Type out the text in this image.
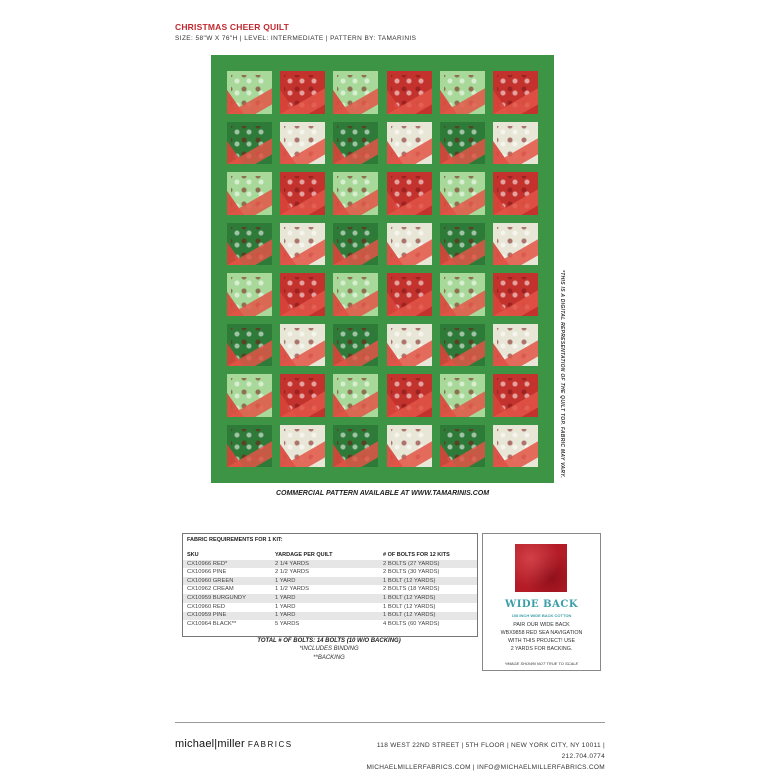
CHRISTMAS CHEER QUILT
SIZE: 58"W X 76"H | LEVEL: INTERMEDIATE | PATTERN BY: TAMARINIS
*THIS IS A DIGITAL REPRESENTATION OF THE QUILT TOP. FABRIC MAY VARY.
COMMERCIAL PATTERN AVAILABLE AT WWW.TAMARINIS.COM
FABRIC REQUIREMENTS FOR 1 KIT:
SKU	YARDAGE PER QUILT	# OF BOLTS FOR 12 KITS
CX10966 RED*	2 1/4 YARDS	2 BOLTS (27 YARDS)
CX10966 PINE	2 1/2 YARDS	2 BOLTS (30 YARDS)
CX10960 GREEN	1 YARD	1 BOLT (12 YARDS)
CX10962 CREAM	1 1/2 YARDS	2 BOLTS (18 YARDS)
CX10959 BURGUNDY	1 YARD	1 BOLT (12 YARDS)
CX10960 RED	1 YARD	1 BOLT (12 YARDS)
CX10959 PINE	1 YARD	1 BOLT (12 YARDS)
CX10964 BLACK**	5 YARDS	4 BOLTS (60 YARDS)
TOTAL # OF BOLTS: 14 BOLTS (10 W/O BACKING)
*INCLUDES BINDING
**BACKING
WIDE BACK
108 INCH WIDE BACK COTTON
PAIR OUR WIDE BACK
WBX9858 RED SEA NAVIGATION
WITH THIS PROJECT! USE
2 YARDS FOR BACKING.
*IMAGE SHOWN NOT TRUE TO SCALE
michael|miller FABRICS	118 WEST 22ND STREET | 5TH FLOOR | NEW YORK CITY, NY 10011 | 212.704.0774
MICHAELMILLERFABRICS.COM | INFO@MICHAELMILLERFABRICS.COM
